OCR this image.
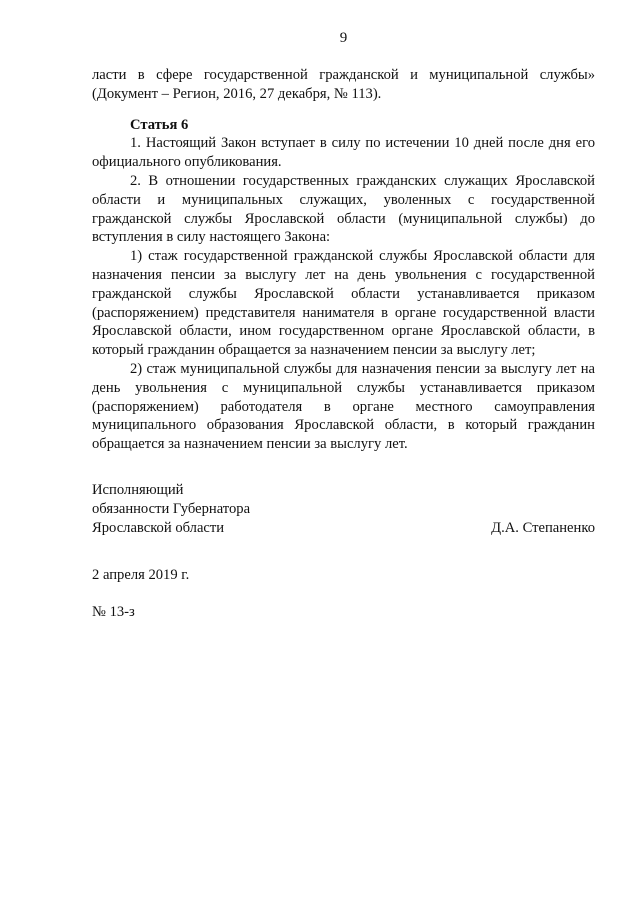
9

ласти в сфере государственной гражданской и муниципальной службы» (Документ – Регион, 2016, 27 декабря, № 113).

Статья 6

1. Настоящий Закон вступает в силу по истечении 10 дней после дня его официального опубликования.

2. В отношении государственных гражданских служащих Ярославской области и муниципальных служащих, уволенных с государственной гражданской службы Ярославской области (муниципальной службы) до вступления в силу настоящего Закона:

1) стаж государственной гражданской службы Ярославской области для назначения пенсии за выслугу лет на день увольнения с государственной гражданской службы Ярославской области устанавливается приказом (распоряжением) представителя нанимателя в органе государственной власти Ярославской области, ином государственном органе Ярославской области, в который гражданин обращается за назначением пенсии за выслугу лет;

2) стаж муниципальной службы для назначения пенсии за выслугу лет на день увольнения с муниципальной службы устанавливается приказом (распоряжением) работодателя в органе местного самоуправления муниципального образования Ярославской области, в который гражданин обращается за назначением пенсии за выслугу лет.

Исполняющий
обязанности Губернатора
Ярославской области	Д.А. Степаненко
2 апреля 2019 г.
№ 13-з
